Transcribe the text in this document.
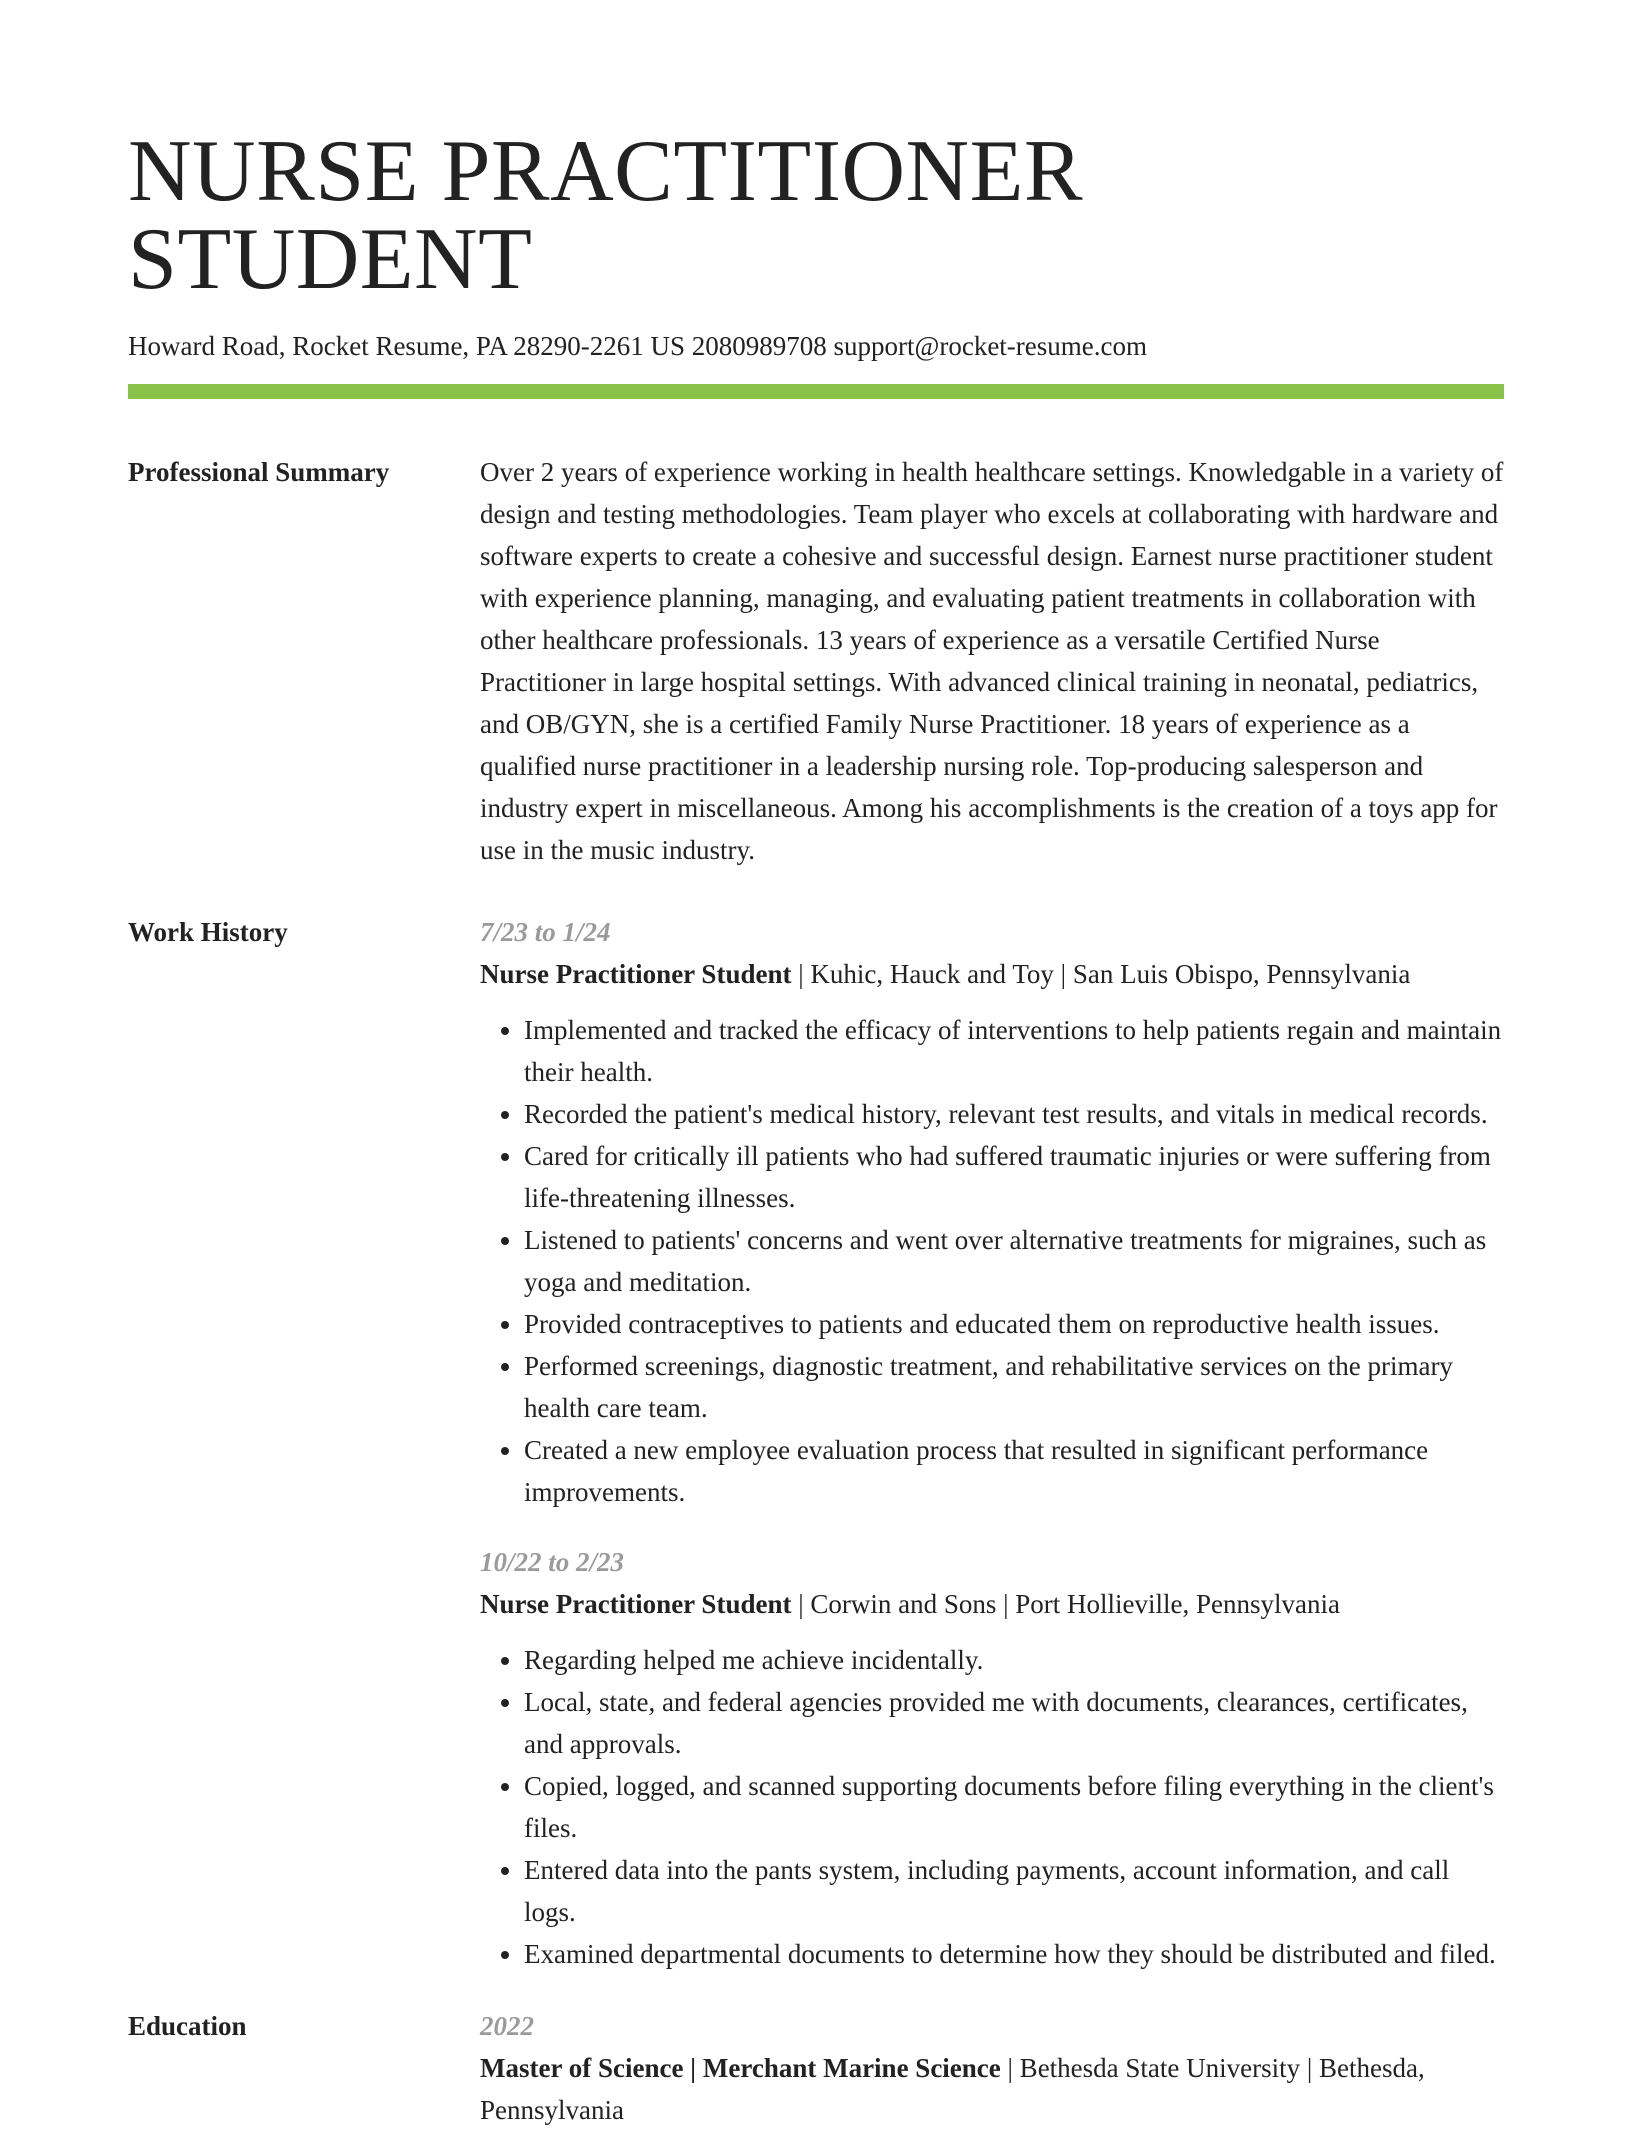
NURSE PRACTITIONER STUDENT
Howard Road, Rocket Resume, PA 28290-2261 US 2080989708 support@rocket-resume.com
Professional Summary	Over 2 years of experience working in health healthcare settings. Knowledgable in a variety of design and testing methodologies. Team player who excels at collaborating with hardware and software experts to create a cohesive and successful design. Earnest nurse practitioner student with experience planning, managing, and evaluating patient treatments in collaboration with other healthcare professionals. 13 years of experience as a versatile Certified Nurse Practitioner in large hospital settings. With advanced clinical training in neonatal, pediatrics, and OB/GYN, she is a certified Family Nurse Practitioner. 18 years of experience as a qualified nurse practitioner in a leadership nursing role. Top-producing salesperson and industry expert in miscellaneous. Among his accomplishments is the creation of a toys app for use in the music industry.

Work History	7/23 to 1/24

Nurse Practitioner Student | Kuhic, Hauck and Toy | San Luis Obispo, Pennsylvania

• Implemented and tracked the efficacy of interventions to help patients regain and maintain their health.
• Recorded the patient's medical history, relevant test results, and vitals in medical records.
• Cared for critically ill patients who had suffered traumatic injuries or were suffering from life-threatening illnesses.
• Listened to patients' concerns and went over alternative treatments for migraines, such as yoga and meditation.
• Provided contraceptives to patients and educated them on reproductive health issues.
• Performed screenings, diagnostic treatment, and rehabilitative services on the primary health care team.
• Created a new employee evaluation process that resulted in significant performance improvements.
10/22 to 2/23

Nurse Practitioner Student | Corwin and Sons | Port Hollieville, Pennsylvania

• Regarding helped me achieve incidentally.
• Local, state, and federal agencies provided me with documents, clearances, certificates, and approvals.
• Copied, logged, and scanned supporting documents before filing everything in the client's files.
• Entered data into the pants system, including payments, account information, and call logs.
• Examined departmental documents to determine how they should be distributed and filed.
Education	2022

Master of Science | Merchant Marine Science | Bethesda State University | Bethesda, Pennsylvania
